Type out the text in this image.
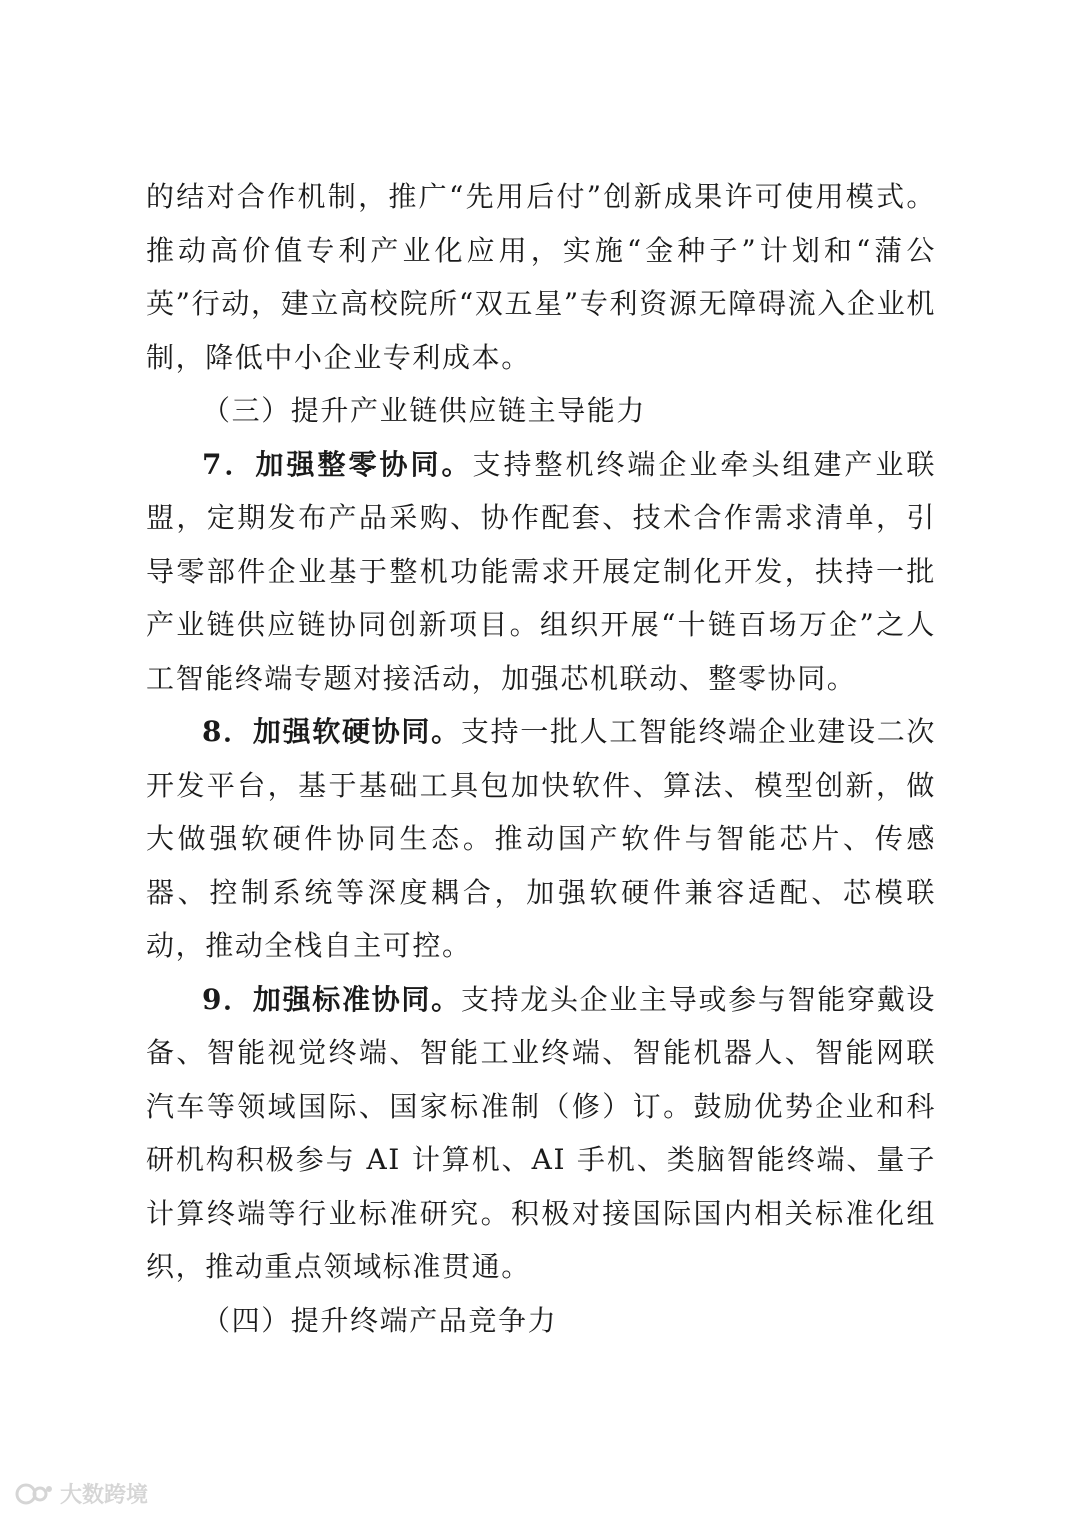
的结对合作机制，推广“先用后付”创新成果许可使用模式。推动高价值专利产业化应用，实施“金种子”计划和“蒲公英”行动，建立高校院所“双五星”专利资源无障碍流入企业机制，降低中小企业专利成本。

（三）提升产业链供应链主导能力

7．加强整零协同。支持整机终端企业牵头组建产业联盟，定期发布产品采购、协作配套、技术合作需求清单，引导零部件企业基于整机功能需求开展定制化开发，扶持一批产业链供应链协同创新项目。组织开展“十链百场万企”之人工智能终端专题对接活动，加强芯机联动、整零协同。

8．加强软硬协同。支持一批人工智能终端企业建设二次开发平台，基于基础工具包加快软件、算法、模型创新，做大做强软硬件协同生态。推动国产软件与智能芯片、传感器、控制系统等深度耦合，加强软硬件兼容适配、芯模联动，推动全栈自主可控。

9．加强标准协同。支持龙头企业主导或参与智能穿戴设备、智能视觉终端、智能工业终端、智能机器人、智能网联汽车等领域国际、国家标准制（修）订。鼓励优势企业和科研机构积极参与 AI 计算机、AI 手机、类脑智能终端、量子计算终端等行业标准研究。积极对接国际国内相关标准化组织，推动重点领域标准贯通。

（四）提升终端产品竞争力

大数跨境
